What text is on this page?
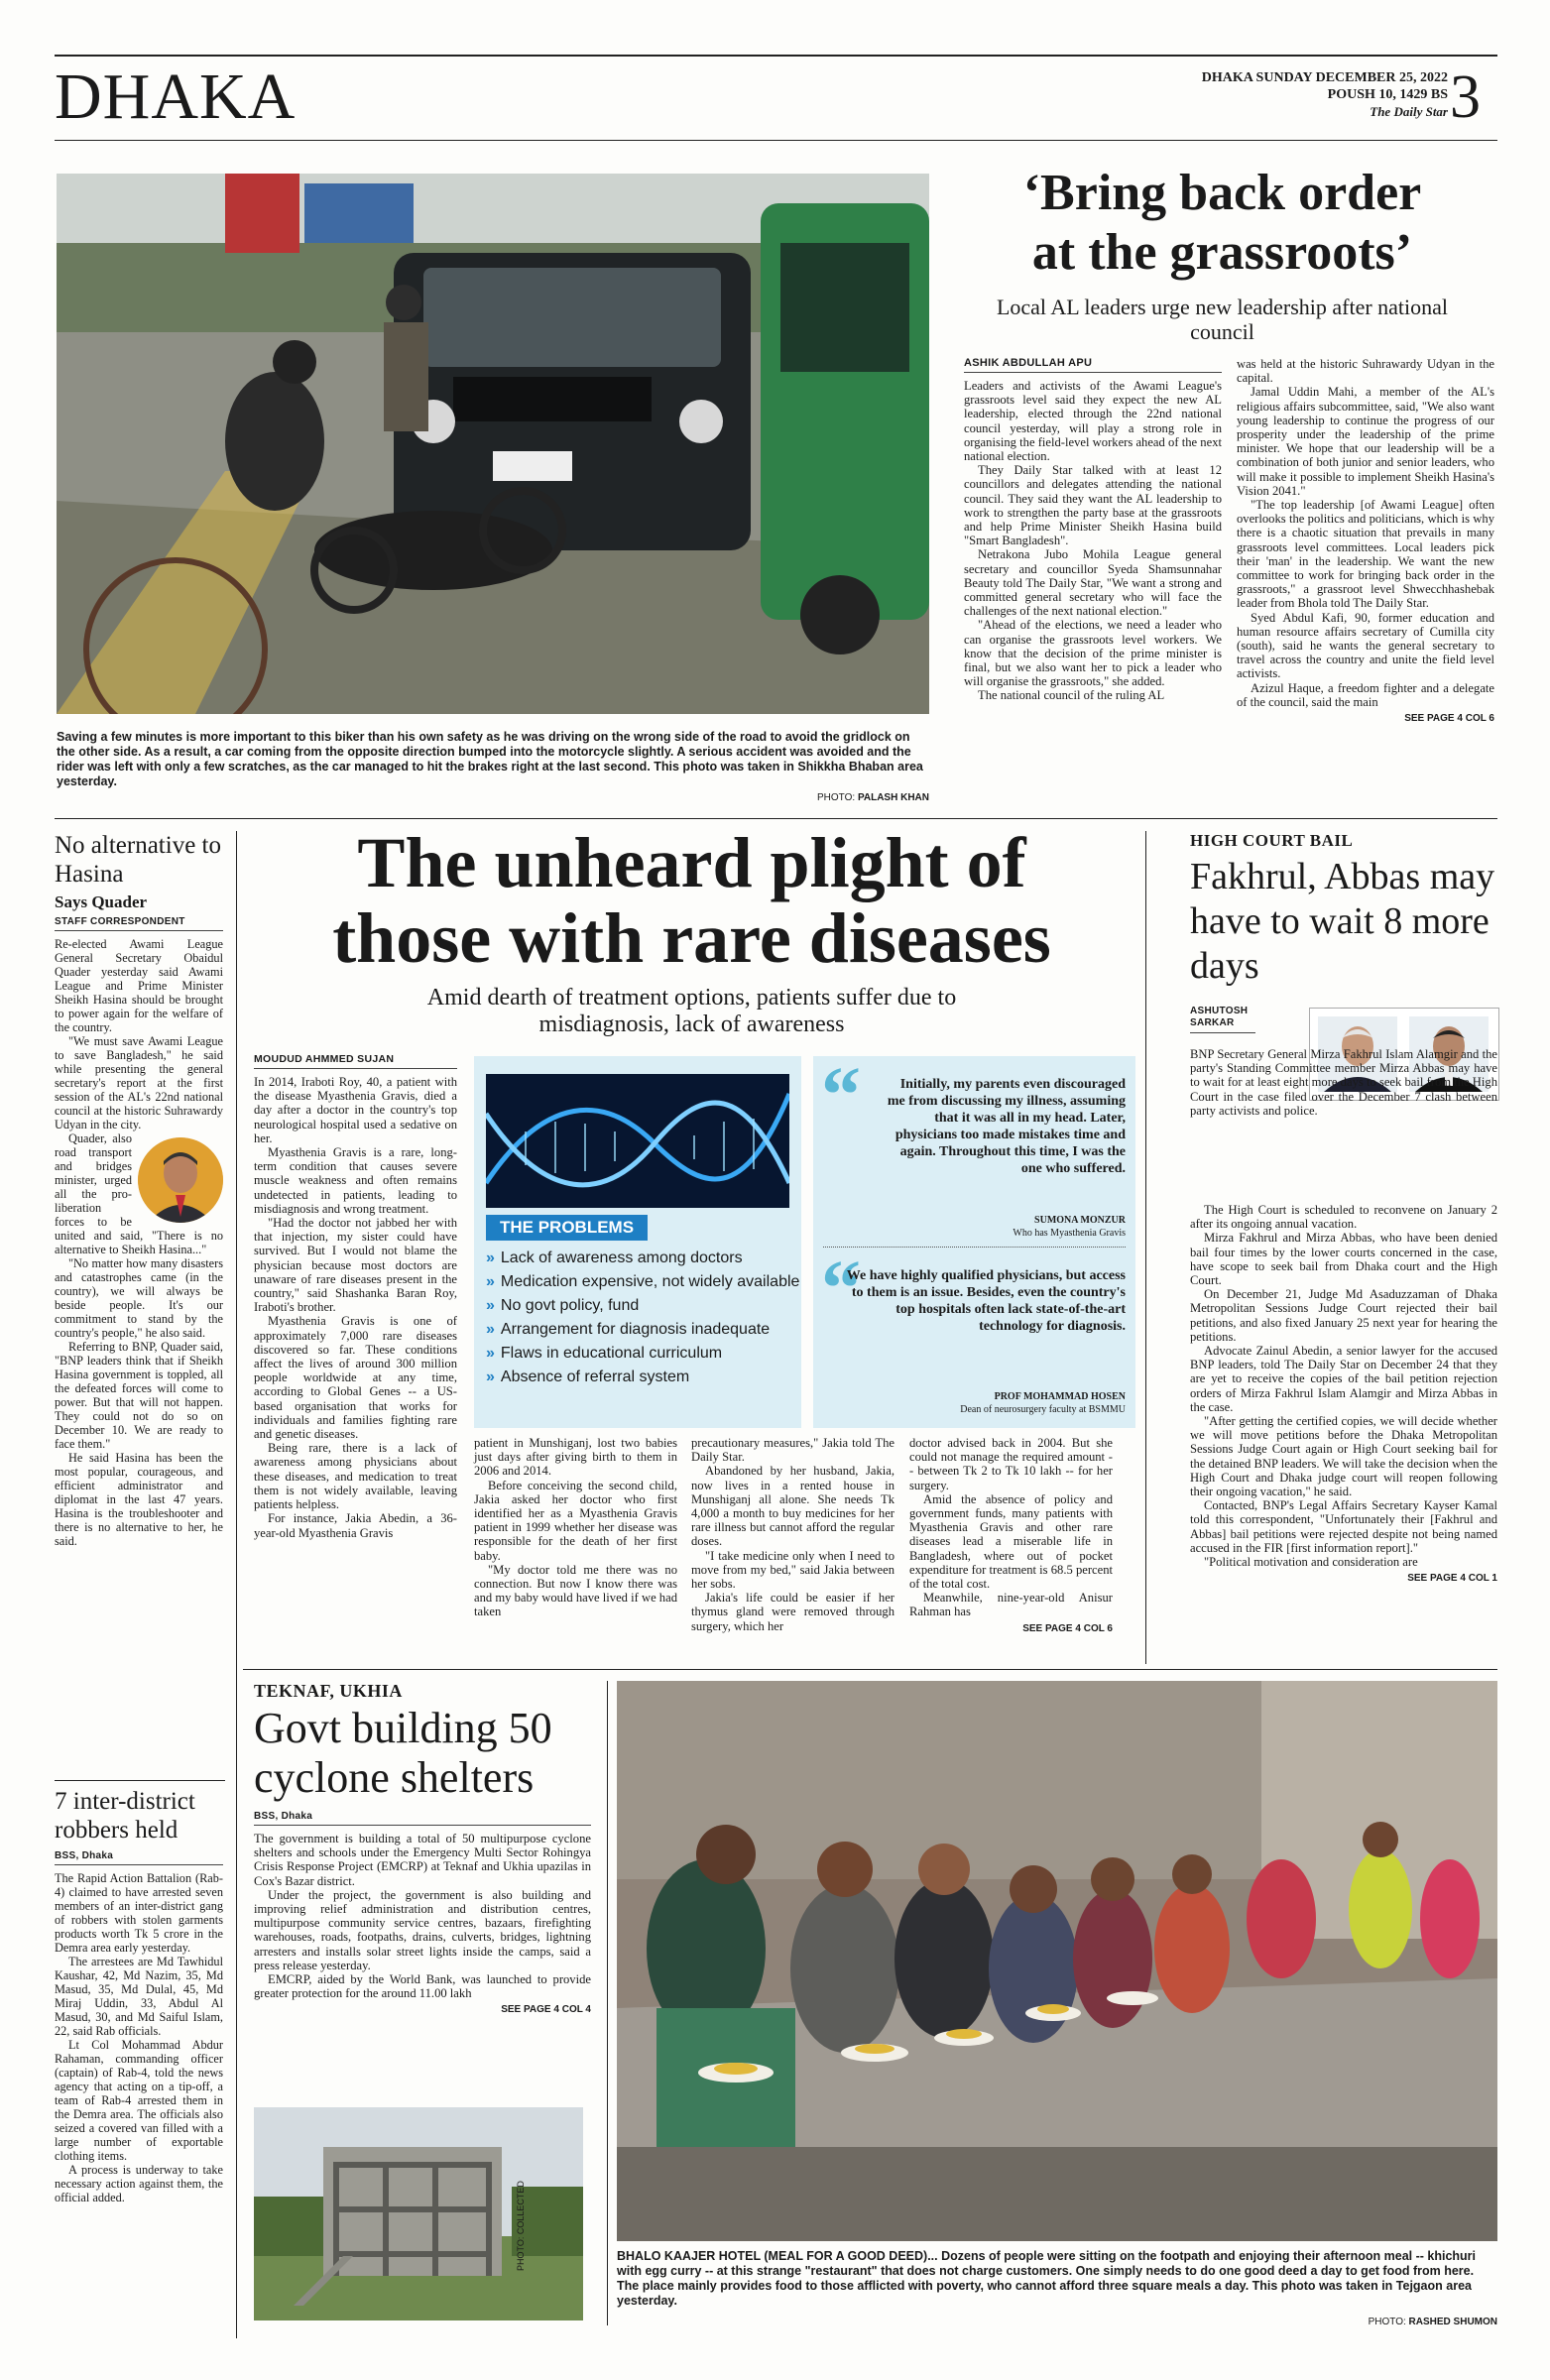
DHAKA	DHAKA SUNDAY DECEMBER 25, 2022
POUSH 10, 1429 BS
The Daily Star 3
Saving a few minutes is more important to this biker than his own safety as he was driving on the wrong side of the road to avoid the gridlock on the other side. As a result, a car coming from the opposite direction bumped into the motorcycle slightly. A serious accident was avoided and the rider was left with only a few scratches, as the car managed to hit the brakes right at the last second. This photo was taken in Shikkha Bhaban area yesterday.
PHOTO: PALASH KHAN
‘Bring back order
at the grassroots’
Local AL leaders urge new leadership after national council
ASHIK ABDULLAH APU

Leaders and activists of the Awami League's grassroots level said they expect the new AL leadership, elected through the 22nd national council yesterday, will play a strong role in organising the field-level workers ahead of the next national election.

They Daily Star talked with at least 12 councillors and delegates attending the national council. They said they want the AL leadership to work to strengthen the party base at the grassroots and help Prime Minister Sheikh Hasina build "Smart Bangladesh".

Netrakona Jubo Mohila League general secretary and councillor Syeda Shamsunnahar Beauty told The Daily Star, "We want a strong and committed general secretary who will face the challenges of the next national election."

"Ahead of the elections, we need a leader who can organise the grassroots level workers. We know that the decision of the prime minister is final, but we also want her to pick a leader who will organise the grassroots," she added.

The national council of the ruling AL

was held at the historic Suhrawardy Udyan in the capital.

Jamal Uddin Mahi, a member of the AL's religious affairs subcommittee, said, "We also want young leadership to continue the progress of our prosperity under the leadership of the prime minister. We hope that our leadership will be a combination of both junior and senior leaders, who will make it possible to implement Sheikh Hasina's Vision 2041."

"The top leadership [of Awami League] often overlooks the politics and politicians, which is why there is a chaotic situation that prevails in many grassroots level committees. Local leaders pick their 'man' in the leadership. We want the new committee to work for bringing back order in the grassroots," a grassroot level Shwecchhashebak leader from Bhola told The Daily Star.

Syed Abdul Kafi, 90, former education and human resource affairs secretary of Cumilla city (south), said he wants the general secretary to travel across the country and unite the field level activists.

Azizul Haque, a freedom fighter and a delegate of the council, said the main

SEE PAGE 4 COL 6
No alternative to Hasina
Says Quader
STAFF CORRESPONDENT

Re-elected Awami League General Secretary Obaidul Quader yesterday said Awami League and Prime Minister Sheikh Hasina should be brought to power again for the welfare of the country.

"We must save Awami League to save Bangladesh," he said while presenting the general secretary's report at the first session of the AL's 22nd national council at the historic Suhrawardy Udyan in the city.

Quader, also road transport and bridges minister, urged all the pro-liberation forces to be united and said, "There is no alternative to Sheikh Hasina..."

"No matter how many disasters and catastrophes came (in the country), we will always be beside people. It's our commitment to stand by the country's people," he also said.

Referring to BNP, Quader said, "BNP leaders think that if Sheikh Hasina government is toppled, all the defeated forces will come to power. But that will not happen. They could not do so on December 10. We are ready to face them."

He said Hasina has been the most popular, courageous, and efficient administrator and diplomat in the last 47 years. Hasina is the troubleshooter and there is no alternative to her, he said.

7 inter-district robbers held
BSS, Dhaka

The Rapid Action Battalion (Rab-4) claimed to have arrested seven members of an inter-district gang of robbers with stolen garments products worth Tk 5 crore in the Demra area early yesterday.

The arrestees are Md Tawhidul Kaushar, 42, Md Nazim, 35, Md Masud, 35, Md Dulal, 45, Md Miraj Uddin, 33, Abdul Al Masud, 30, and Md Saiful Islam, 22, said Rab officials.

Lt Col Mohammad Abdur Rahaman, commanding officer (captain) of Rab-4, told the news agency that acting on a tip-off, a team of Rab-4 arrested them in the Demra area. The officials also seized a covered van filled with a large number of exportable clothing items.

A process is underway to take necessary action against them, the official added.

The unheard plight of
those with rare diseases
Amid dearth of treatment options, patients suffer due to misdiagnosis, lack of awareness
MOUDUD AHMMED SUJAN

In 2014, Iraboti Roy, 40, a patient with the disease Myasthenia Gravis, died a day after a doctor in the country's top neurological hospital used a sedative on her.

Myasthenia Gravis is a rare, long-term condition that causes severe muscle weakness and often remains undetected in patients, leading to misdiagnosis and wrong treatment.

"Had the doctor not jabbed her with that injection, my sister could have survived. But I would not blame the physician because most doctors are unaware of rare diseases present in the country," said Shashanka Baran Roy, Iraboti's brother.

Myasthenia Gravis is one of approximately 7,000 rare diseases discovered so far. These conditions affect the lives of around 300 million people worldwide at any time, according to Global Genes -- a US-based organisation that works for individuals and families fighting rare and genetic diseases.

Being rare, there is a lack of awareness among physicians about these diseases, and medication to treat them is not widely available, leaving patients helpless.

For instance, Jakia Abedin, a 36-year-old Myasthenia Gravis

THE PROBLEMS
» Lack of awareness among doctors
» Medication expensive, not widely available
» No govt policy, fund
» Arrangement for diagnosis inadequate
» Flaws in educational curriculum
» Absence of referral system
“	Initially, my parents even discouraged me from discussing my illness, assuming that it was all in my head. Later, physicians too made mistakes time and again. Throughout this time, I was the one who suffered.
SUMONA MONZUR
Who has Myasthenia Gravis
“
We have highly qualified physicians, but access to them is an issue. Besides, even the country's top hospitals often lack state-of-the-art technology for diagnosis.
PROF MOHAMMAD HOSEN
Dean of neurosurgery faculty at BSMMU

patient in Munshiganj, lost two babies just days after giving birth to them in 2006 and 2014.

Before conceiving the second child, Jakia asked her doctor who first identified her as a Myasthenia Gravis patient in 1999 whether her disease was responsible for the death of her first baby.

"My doctor told me there was no connection. But now I know there was and my baby would have lived if we had taken

precautionary measures," Jakia told The Daily Star.

Abandoned by her husband, Jakia, now lives in a rented house in Munshiganj all alone. She needs Tk 4,000 a month to buy medicines for her rare illness but cannot afford the regular doses.

"I take medicine only when I need to move from my bed," said Jakia between her sobs.

Jakia's life could be easier if her thymus gland were removed through surgery, which her

doctor advised back in 2004. But she could not manage the required amount -- between Tk 2 to Tk 10 lakh -- for her surgery.

Amid the absence of policy and government funds, many patients with Myasthenia Gravis and other rare diseases lead a miserable life in Bangladesh, where out of pocket expenditure for treatment is 68.5 percent of the total cost.

Meanwhile, nine-year-old Anisur Rahman has

SEE PAGE 4 COL 6
HIGH COURT BAIL
Fakhrul, Abbas may have to wait 8 more days
ASHUTOSH SARKAR
BNP Secretary General Mirza Fakhrul Islam Alamgir and the party's Standing Committee member Mirza Abbas may have to wait for at least eight more days to seek bail from the High Court in the case filed over the December 7 clash between party activists and police.

The High Court is scheduled to reconvene on January 2 after its ongoing annual vacation.

Mirza Fakhrul and Mirza Abbas, who have been denied bail four times by the lower courts concerned in the case, have scope to seek bail from Dhaka court and the High Court.

On December 21, Judge Md Asaduzzaman of Dhaka Metropolitan Sessions Judge Court rejected their bail petitions, and also fixed January 25 next year for hearing the petitions.

Advocate Zainul Abedin, a senior lawyer for the accused BNP leaders, told The Daily Star on December 24 that they are yet to receive the copies of the bail petition rejection orders of Mirza Fakhrul Islam Alamgir and Mirza Abbas in the case.

"After getting the certified copies, we will decide whether we will move petitions before the Dhaka Metropolitan Sessions Judge Court again or High Court seeking bail for the detained BNP leaders. We will take the decision when the High Court and Dhaka judge court will reopen following their ongoing vacation," he said.

Contacted, BNP's Legal Affairs Secretary Kayser Kamal told this correspondent, "Unfortunately their [Fakhrul and Abbas] bail petitions were rejected despite not being named accused in the FIR [first information report]."

"Political motivation and consideration are

SEE PAGE 4 COL 1
TEKNAF, UKHIA
Govt building 50
cyclone shelters
BSS, Dhaka

The government is building a total of 50 multipurpose cyclone shelters and schools under the Emergency Multi Sector Rohingya Crisis Response Project (EMCRP) at Teknaf and Ukhia upazilas in Cox's Bazar district.

Under the project, the government is also building and improving relief administration and distribution centres, multipurpose community service centres, bazaars, firefighting warehouses, roads, footpaths, drains, culverts, bridges, lightning arresters and installs solar street lights inside the camps, said a press release yesterday.

EMCRP, aided by the World Bank, was launched to provide greater protection for the around 11.00 lakh

SEE PAGE 4 COL 4
PHOTO: COLLECTED	BHALO KAAJER HOTEL (MEAL FOR A GOOD DEED)... Dozens of people were sitting on the footpath and enjoying their afternoon meal -- khichuri with egg curry -- at this strange "restaurant" that does not charge customers. One simply needs to do one good deed a day to get food from here. The place mainly provides food to those afflicted with poverty, who cannot afford three square meals a day. This photo was taken in Tejgaon area yesterday.
PHOTO: RASHED SHUMON
